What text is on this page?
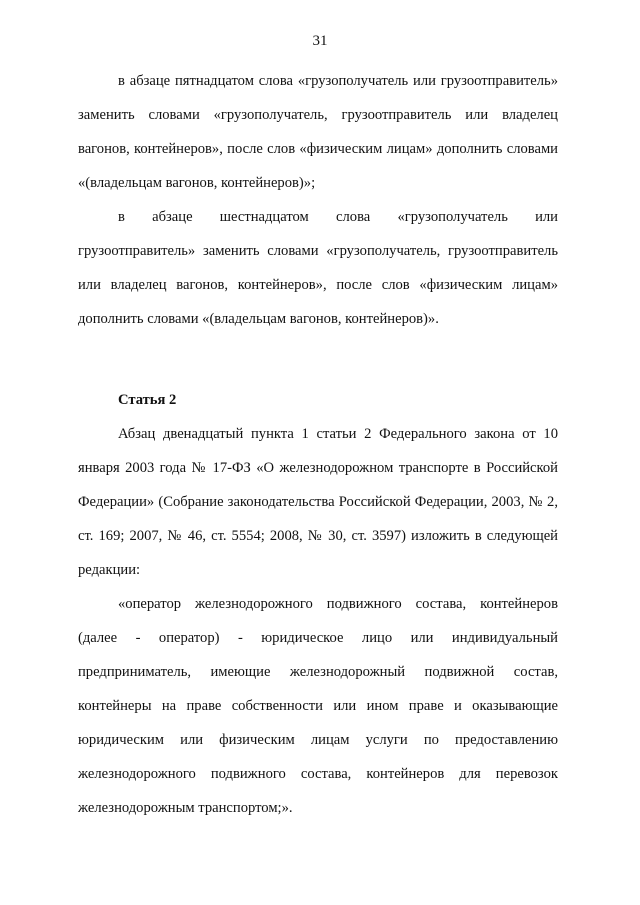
31

в абзаце пятнадцатом слова «грузополучатель или грузоотправитель» заменить словами «грузополучатель, грузоотправитель или владелец вагонов, контейнеров», после слов «физическим лицам» дополнить словами «(владельцам вагонов, контейнеров)»;

в абзаце шестнадцатом слова «грузополучатель или грузоотправитель» заменить словами «грузополучатель, грузоотправитель или владелец вагонов, контейнеров», после слов «физическим лицам» дополнить словами «(владельцам вагонов, контейнеров)».

Статья 2

Абзац двенадцатый пункта 1 статьи 2 Федерального закона от 10 января 2003 года № 17-ФЗ «О железнодорожном транспорте в Российской Федерации» (Собрание законодательства Российской Федерации, 2003, № 2, ст. 169; 2007, № 46, ст. 5554; 2008, № 30, ст. 3597) изложить в следующей редакции:

«оператор железнодорожного подвижного состава, контейнеров (далее - оператор) - юридическое лицо или индивидуальный предприниматель, имеющие железнодорожный подвижной состав, контейнеры на праве собственности или ином праве и оказывающие юридическим или физическим лицам услуги по предоставлению железнодорожного подвижного состава, контейнеров для перевозок железнодорожным транспортом;».
